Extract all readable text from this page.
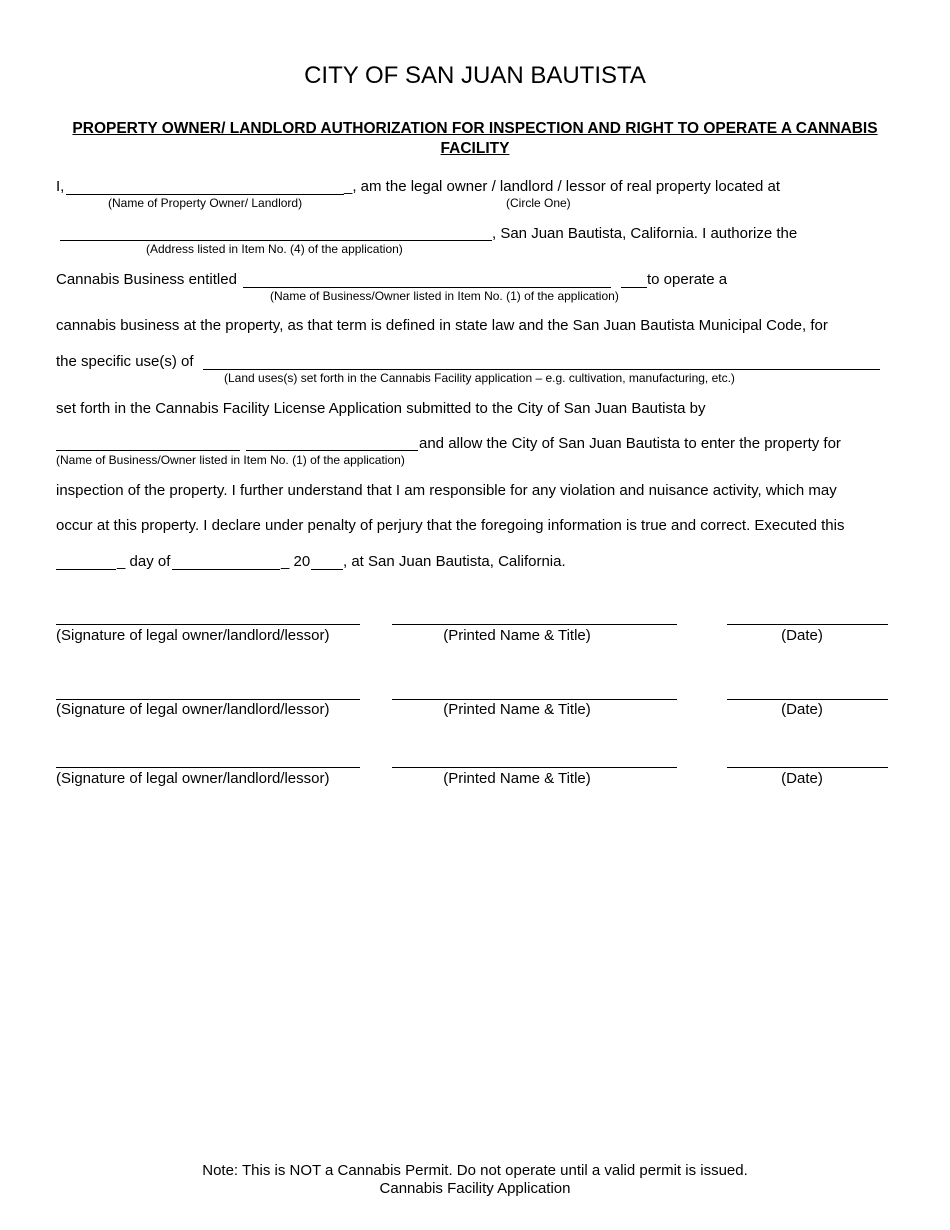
CITY OF SAN JUAN BAUTISTA
PROPERTY OWNER/ LANDLORD AUTHORIZATION FOR INSPECTION AND RIGHT TO OPERATE A CANNABIS FACILITY
I,	_, am the legal owner / landlord / lessor of real property located at
(Name of Property Owner/ Landlord)	(Circle One)
, San Juan Bautista, California. I authorize the
(Address listed in Item No. (4) of the application)
Cannabis Business entitled	to operate a
(Name of Business/Owner listed in Item No. (1) of the application)
cannabis business at the property, as that term is defined in state law and the San Juan Bautista Municipal Code, for
the specific use(s) of
(Land uses(s) set forth in the Cannabis Facility application – e.g. cultivation, manufacturing, etc.)
set forth in the Cannabis Facility License Application submitted to the City of San Juan Bautista by
and allow the City of San Juan Bautista to enter the property for
(Name of Business/Owner listed in Item No. (1) of the application)
inspection of the property. I further understand that I am responsible for any violation and nuisance activity, which may
occur at this property. I declare under penalty of perjury that the foregoing information is true and correct. Executed this
_ day of	_ 20 , at San Juan Bautista, California.
(Signature of legal owner/landlord/lessor)	(Printed Name & Title)	(Date)
(Signature of legal owner/landlord/lessor)	(Printed Name & Title)	(Date)
(Signature of legal owner/landlord/lessor)	(Printed Name & Title)	(Date)
Note: This is NOT a Cannabis Permit. Do not operate until a valid permit is issued.
Cannabis Facility Application
